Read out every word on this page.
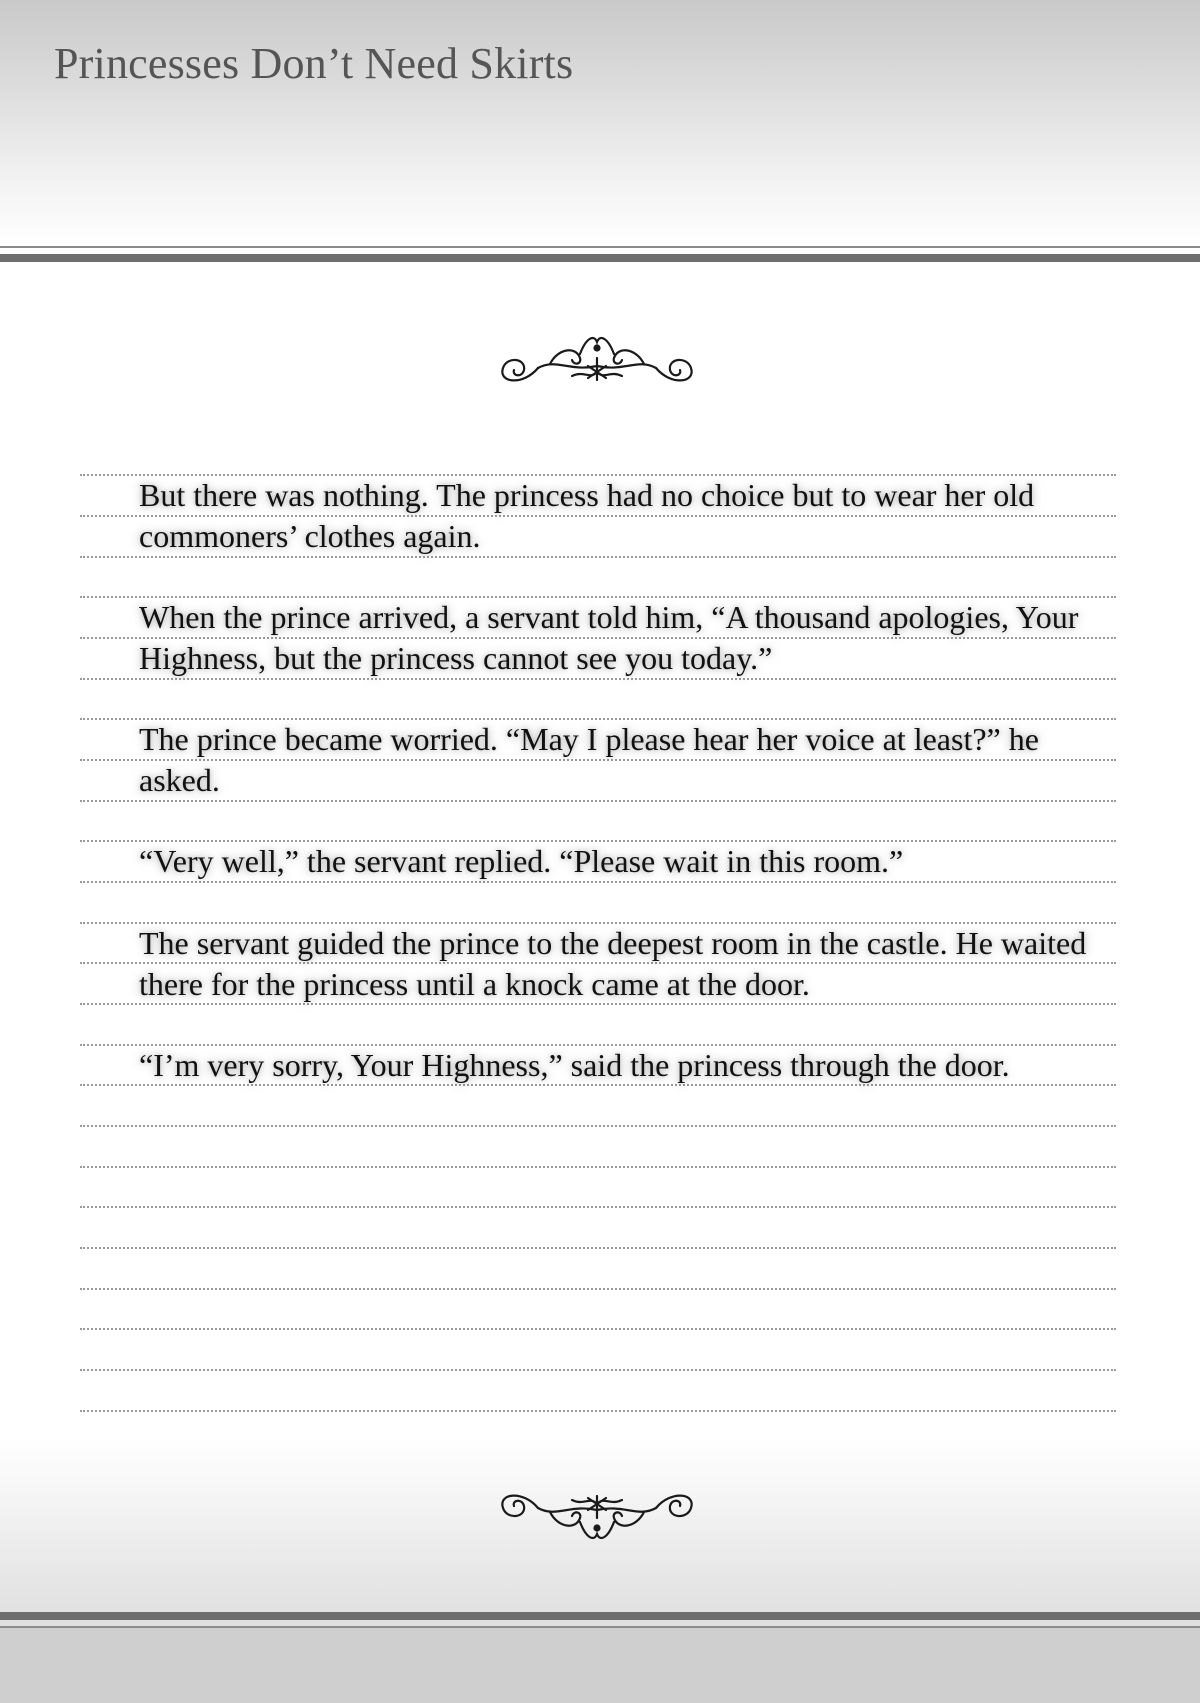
Princesses Don’t Need Skirts

But there was nothing. The princess had no choice but to wear her old commoners’ clothes again.

When the prince arrived, a servant told him, “A thousand apologies, Your Highness, but the princess cannot see you today.”

The prince became worried. “May I please hear her voice at least?” he asked.

“Very well,” the servant replied. “Please wait in this room.”

The servant guided the prince to the deepest room in the castle. He waited there for the princess until a knock came at the door.

“I’m very sorry, Your Highness,” said the princess through the door.
